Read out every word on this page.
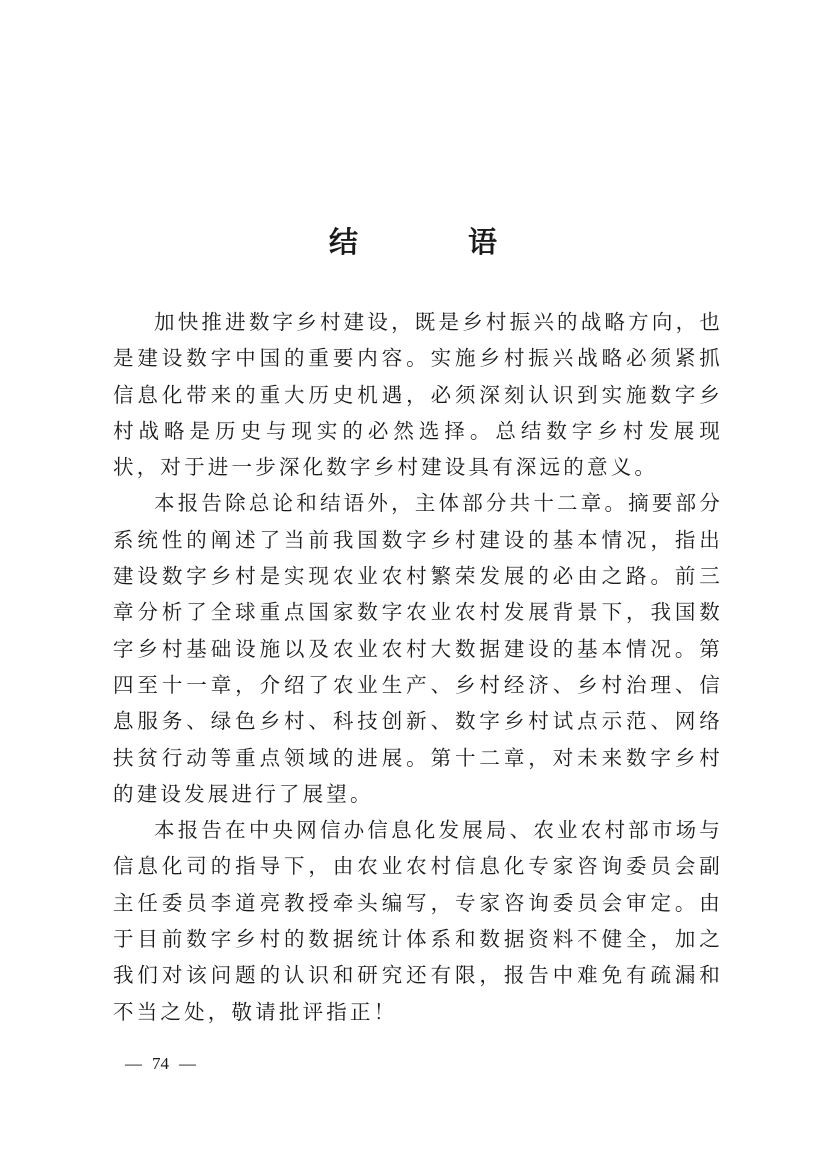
结 语

加快推进数字乡村建设，既是乡村振兴的战略方向，也是建设数字中国的重要内容。实施乡村振兴战略必须紧抓信息化带来的重大历史机遇，必须深刻认识到实施数字乡村战略是历史与现实的必然选择。总结数字乡村发展现状，对于进一步深化数字乡村建设具有深远的意义。

本报告除总论和结语外，主体部分共十二章。摘要部分系统性的阐述了当前我国数字乡村建设的基本情况，指出建设数字乡村是实现农业农村繁荣发展的必由之路。前三章分析了全球重点国家数字农业农村发展背景下，我国数字乡村基础设施以及农业农村大数据建设的基本情况。第四至十一章，介绍了农业生产、乡村经济、乡村治理、信息服务、绿色乡村、科技创新、数字乡村试点示范、网络扶贫行动等重点领域的进展。第十二章，对未来数字乡村的建设发展进行了展望。

本报告在中央网信办信息化发展局、农业农村部市场与信息化司的指导下，由农业农村信息化专家咨询委员会副主任委员李道亮教授牵头编写，专家咨询委员会审定。由于目前数字乡村的数据统计体系和数据资料不健全，加之我们对该问题的认识和研究还有限，报告中难免有疏漏和不当之处，敬请批评指正！

— 74 —
